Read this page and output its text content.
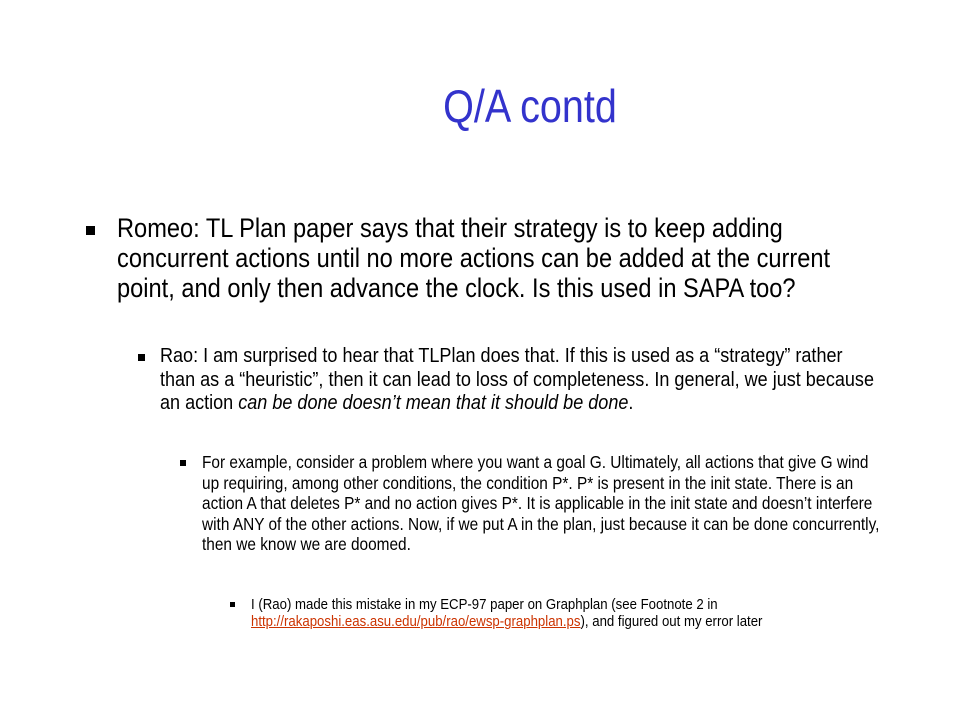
Q/A contd
Romeo: TL Plan paper says that their strategy is to keep adding concurrent actions until no more actions can be added at the current point, and only then advance the clock. Is this used in SAPA too?
Rao: I am surprised to hear that TLPlan does that. If this is used as a “strategy” rather than as a “heuristic”, then it can lead to loss of completeness. In general, we just because an action can be done doesn’t mean that it should be done.
For example, consider a problem where you want a goal G. Ultimately, all actions that give G wind up requiring, among other conditions, the condition P*. P* is present in the init state. There is an action A that deletes P* and no action gives P*. It is applicable in the init state and doesn’t interfere with ANY of the other actions. Now, if we put A in the plan, just because it can be done concurrently, then we know we are doomed.
I (Rao) made this mistake in my ECP-97 paper on Graphplan (see Footnote 2 in http://rakaposhi.eas.asu.edu/pub/rao/ewsp-graphplan.ps), and figured out my error later
